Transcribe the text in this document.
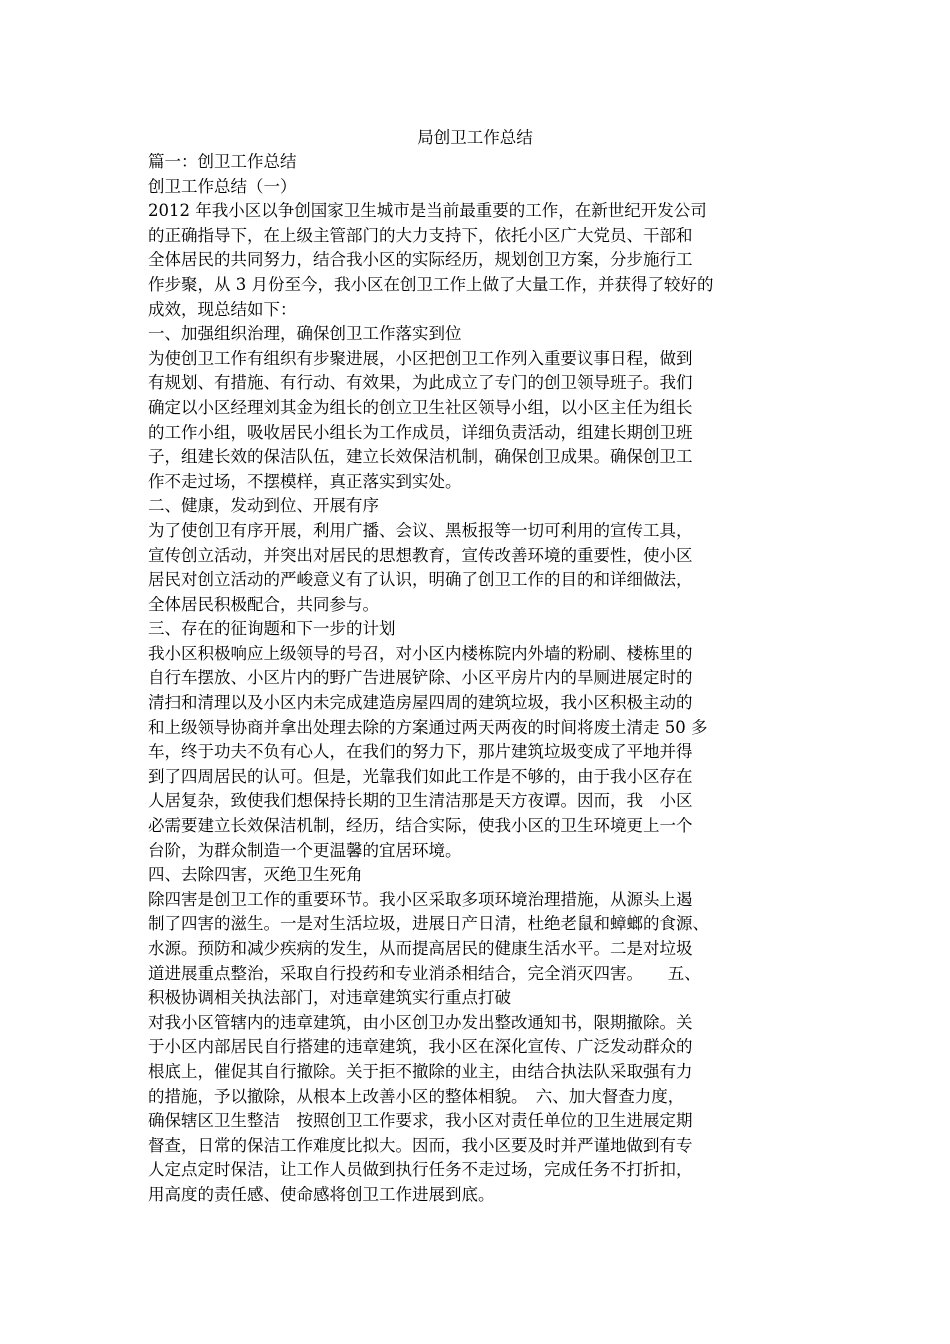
局创卫工作总结
篇一：创卫工作总结
创卫工作总结（一）
2012 年我小区以争创国家卫生城市是当前最重要的工作，在新世纪开发公司
的正确指导下，在上级主管部门的大力支持下，依托小区广大党员、干部和
全体居民的共同努力，结合我小区的实际经历，规划创卫方案，分步施行工
作步聚，从 3 月份至今，我小区在创卫工作上做了大量工作，并获得了较好的
成效，现总结如下：
一、加强组织治理，确保创卫工作落实到位
为使创卫工作有组织有步聚进展，小区把创卫工作列入重要议事日程，做到
有规划、有措施、有行动、有效果，为此成立了专门的创卫领导班子。我们
确定以小区经理刘其金为组长的创立卫生社区领导小组，以小区主任为组长
的工作小组，吸收居民小组长为工作成员，详细负责活动，组建长期创卫班
子，组建长效的保洁队伍，建立长效保洁机制，确保创卫成果。确保创卫工
作不走过场，不摆模样，真正落实到实处。
二、健康，发动到位、开展有序
为了使创卫有序开展，利用广播、会议、黑板报等一切可利用的宣传工具，
宣传创立活动，并突出对居民的思想教育，宣传改善环境的重要性，使小区
居民对创立活动的严峻意义有了认识，明确了创卫工作的目的和详细做法，
全体居民积极配合，共同参与。
三、存在的征询题和下一步的计划
我小区积极响应上级领导的号召，对小区内楼栋院内外墙的粉刷、楼栋里的
自行车摆放、小区片内的野广告进展铲除、小区平房片内的旱厕进展定时的
清扫和清理以及小区内未完成建造房屋四周的建筑垃圾，我小区积极主动的
和上级领导协商并拿出处理去除的方案通过两天两夜的时间将废土清走 50 多
车，终于功夫不负有心人，在我们的努力下，那片建筑垃圾变成了平地并得
到了四周居民的认可。但是，光靠我们如此工作是不够的，由于我小区存在
人居复杂，致使我们想保持长期的卫生清洁那是天方夜谭。因而，我　小区
必需要建立长效保洁机制，经历，结合实际，使我小区的卫生环境更上一个
台阶，为群众制造一个更温馨的宜居环境。
四、去除四害，灭绝卫生死角
除四害是创卫工作的重要环节。我小区采取多项环境治理措施，从源头上遏
制了四害的滋生。一是对生活垃圾，进展日产日清，杜绝老鼠和蟑螂的食源、
水源。预防和减少疾病的发生，从而提高居民的健康生活水平。二是对垃圾
道进展重点整治，采取自行投药和专业消杀相结合，完全消灭四害。　　五、
积极协调相关执法部门，对违章建筑实行重点打破
对我小区管辖内的违章建筑，由小区创卫办发出整改通知书，限期撤除。关
于小区内部居民自行搭建的违章建筑，我小区在深化宣传、广泛发动群众的
根底上，催促其自行撤除。关于拒不撤除的业主，由结合执法队采取强有力
的措施，予以撤除，从根本上改善小区的整体相貌。　六、加大督查力度，
确保辖区卫生整洁　按照创卫工作要求，我小区对责任单位的卫生进展定期
督查，日常的保洁工作难度比拟大。因而，我小区要及时并严谨地做到有专
人定点定时保洁，让工作人员做到执行任务不走过场，完成任务不打折扣，
用高度的责任感、使命感将创卫工作进展到底。
